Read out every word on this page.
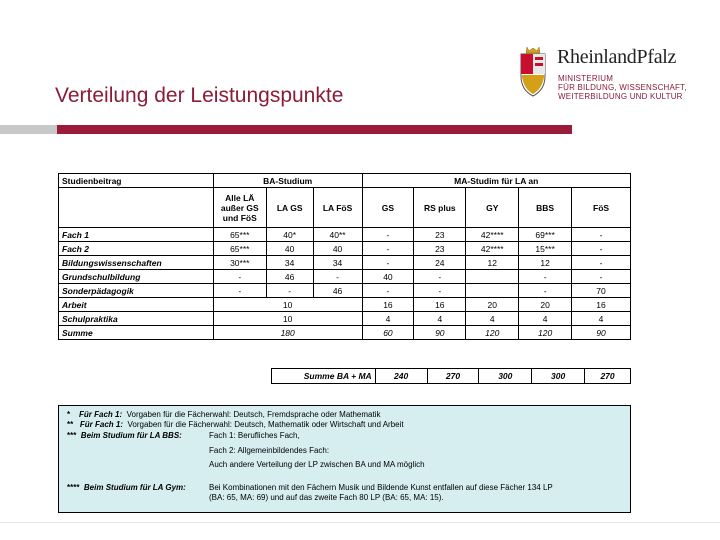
Verteilung der Leistungspunkte
RheinlandPfalz
MINISTERIUM
FÜR BILDUNG, WISSENSCHAFT,
WEITERBILDUNG UND KULTUR
Studienbeitrag	BA-Studium			MA-Studim für LA an				
	Alle LÄ außer GS und FöS	LA GS	LA FöS	GS	RS plus	GY	BBS	FöS
Fach 1	65***	40*	40**	-	23	42****	69***	-
Fach 2	65***	40	40	-	23	42****	15***	-
Bildungswissenschaften	30***	34	34	-	24	12	12	-
Grundschulbildung	-	46	-	40	-		-	-
Sonderpädagogik	-	-	46	-	-		-	70
Arbeit	10			16	16	20	20	16
Schulpraktika	10			4	4	4	4	4
Summe	180			60	90	120	120	90
Summe BA + MA	240	270	300	300	270
* Für Fach 1: Vorgaben für die Fächerwahl: Deutsch, Fremdsprache oder Mathematik
** Für Fach 1: Vorgaben für die Fächerwahl: Deutsch, Mathematik oder Wirtschaft und Arbeit
*** Beim Studium für LA BBS:	Fach 1: Berufliches Fach,
Fach 2: Allgemeinbildendes Fach:
Auch andere Verteilung der LP zwischen BA und MA möglich
**** Beim Studium für LA Gym:	Bei Kombinationen mit den Fächern Musik und Bildende Kunst entfallen auf diese Fächer 134 LP
(BA: 65, MA: 69) und auf das zweite Fach 80 LP (BA: 65, MA: 15).
